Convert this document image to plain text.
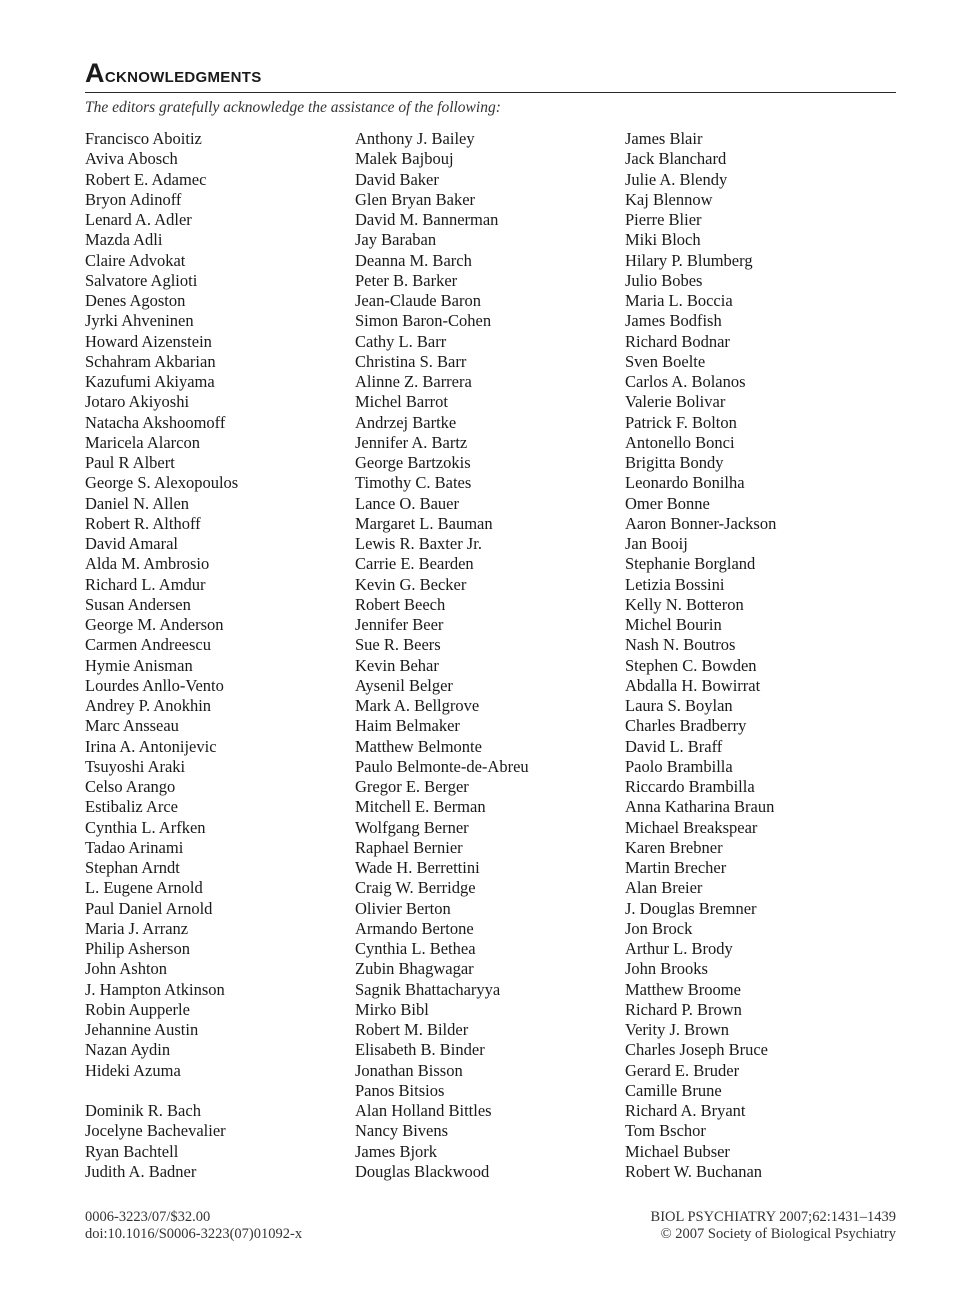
Acknowledgments
The editors gratefully acknowledge the assistance of the following:
Francisco Aboitiz
Aviva Abosch
Robert E. Adamec
Bryon Adinoff
Lenard A. Adler
Mazda Adli
Claire Advokat
Salvatore Aglioti
Denes Agoston
Jyrki Ahveninen
Howard Aizenstein
Schahram Akbarian
Kazufumi Akiyama
Jotaro Akiyoshi
Natacha Akshoomoff
Maricela Alarcon
Paul R Albert
George S. Alexopoulos
Daniel N. Allen
Robert R. Althoff
David Amaral
Alda M. Ambrosio
Richard L. Amdur
Susan Andersen
George M. Anderson
Carmen Andreescu
Hymie Anisman
Lourdes Anllo-Vento
Andrey P. Anokhin
Marc Ansseau
Irina A. Antonijevic
Tsuyoshi Araki
Celso Arango
Estibaliz Arce
Cynthia L. Arfken
Tadao Arinami
Stephan Arndt
L. Eugene Arnold
Paul Daniel Arnold
Maria J. Arranz
Philip Asherson
John Ashton
J. Hampton Atkinson
Robin Aupperle
Jehannine Austin
Nazan Aydin
Hideki Azuma
Dominik R. Bach
Jocelyne Bachevalier
Ryan Bachtell
Judith A. Badner
Anthony J. Bailey
Malek Bajbouj
David Baker
Glen Bryan Baker
David M. Bannerman
Jay Baraban
Deanna M. Barch
Peter B. Barker
Jean-Claude Baron
Simon Baron-Cohen
Cathy L. Barr
Christina S. Barr
Alinne Z. Barrera
Michel Barrot
Andrzej Bartke
Jennifer A. Bartz
George Bartzokis
Timothy C. Bates
Lance O. Bauer
Margaret L. Bauman
Lewis R. Baxter Jr.
Carrie E. Bearden
Kevin G. Becker
Robert Beech
Jennifer Beer
Sue R. Beers
Kevin Behar
Aysenil Belger
Mark A. Bellgrove
Haim Belmaker
Matthew Belmonte
Paulo Belmonte-de-Abreu
Gregor E. Berger
Mitchell E. Berman
Wolfgang Berner
Raphael Bernier
Wade H. Berrettini
Craig W. Berridge
Olivier Berton
Armando Bertone
Cynthia L. Bethea
Zubin Bhagwagar
Sagnik Bhattacharyya
Mirko Bibl
Robert M. Bilder
Elisabeth B. Binder
Jonathan Bisson
Panos Bitsios
Alan Holland Bittles
Nancy Bivens
James Bjork
Douglas Blackwood
James Blair
Jack Blanchard
Julie A. Blendy
Kaj Blennow
Pierre Blier
Miki Bloch
Hilary P. Blumberg
Julio Bobes
Maria L. Boccia
James Bodfish
Richard Bodnar
Sven Boelte
Carlos A. Bolanos
Valerie Bolivar
Patrick F. Bolton
Antonello Bonci
Brigitta Bondy
Leonardo Bonilha
Omer Bonne
Aaron Bonner-Jackson
Jan Booij
Stephanie Borgland
Letizia Bossini
Kelly N. Botteron
Michel Bourin
Nash N. Boutros
Stephen C. Bowden
Abdalla H. Bowirrat
Laura S. Boylan
Charles Bradberry
David L. Braff
Paolo Brambilla
Riccardo Brambilla
Anna Katharina Braun
Michael Breakspear
Karen Brebner
Martin Brecher
Alan Breier
J. Douglas Bremner
Jon Brock
Arthur L. Brody
John Brooks
Matthew Broome
Richard P. Brown
Verity J. Brown
Charles Joseph Bruce
Gerard E. Bruder
Camille Brune
Richard A. Bryant
Tom Bschor
Michael Bubser
Robert W. Buchanan
0006-3223/07/$32.00
doi:10.1016/S0006-3223(07)01092-x
BIOL PSYCHIATRY 2007;62:1431–1439
© 2007 Society of Biological Psychiatry
